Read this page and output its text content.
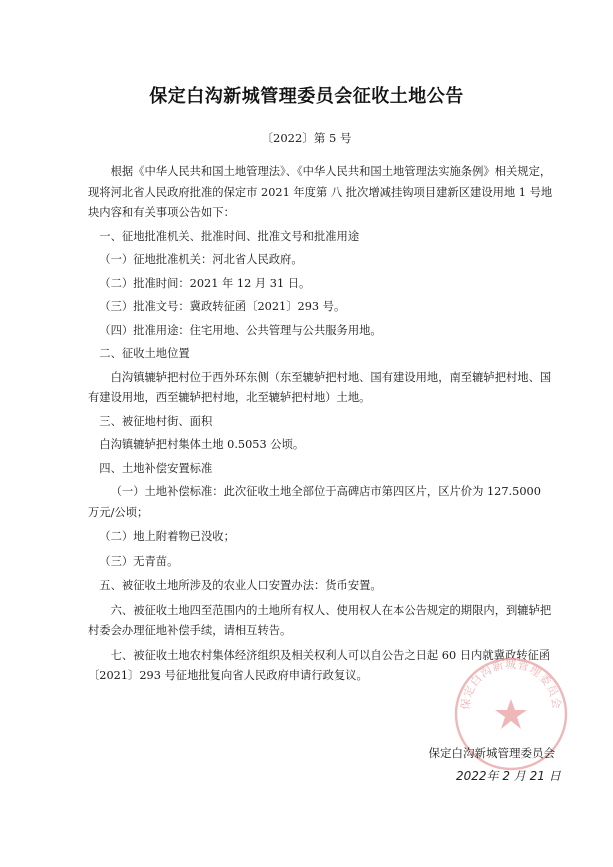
保定白沟新城管理委员会征收土地公告
〔2022〕第 5 号

根据《中华人民共和国土地管理法》、《中华人民共和国土地管理法实施条例》相关规定，现将河北省人民政府批准的保定市 2021 年度第 八 批次增减挂钩项目建新区建设用地 1 号地块内容和有关事项公告如下：

一、征地批准机关、批准时间、批准文号和批准用途

（一）征地批准机关：河北省人民政府。

（二）批准时间：2021 年 12 月 31 日。

（三）批准文号：冀政转征函〔2021〕293 号。

（四）批准用途：住宅用地、公共管理与公共服务用地。

二、征收土地位置

白沟镇辘轳把村位于西外环东侧（东至辘轳把村地、国有建设用地，南至辘轳把村地、国有建设用地，西至辘轳把村地，北至辘轳把村地）土地。

三、被征地村街、面积

白沟镇辘轳把村集体土地 0.5053 公顷。

四、土地补偿安置标准

（一）土地补偿标准：此次征收土地全部位于高碑店市第四区片，区片价为 127.5000 万元/公顷；

（二）地上附着物已没收；

（三）无青苗。

五、被征收土地所涉及的农业人口安置办法：货币安置。

六、被征收土地四至范围内的土地所有权人、使用权人在本公告规定的期限内，到辘轳把村委会办理征地补偿手续，请相互转告。

七、被征收土地农村集体经济组织及相关权利人可以自公告之日起 60 日内就冀政转征函〔2021〕293 号征地批复向省人民政府申请行政复议。

保定白沟新城管理委员会
保定白沟新城管理委员会
2022年 2 月 21 日
